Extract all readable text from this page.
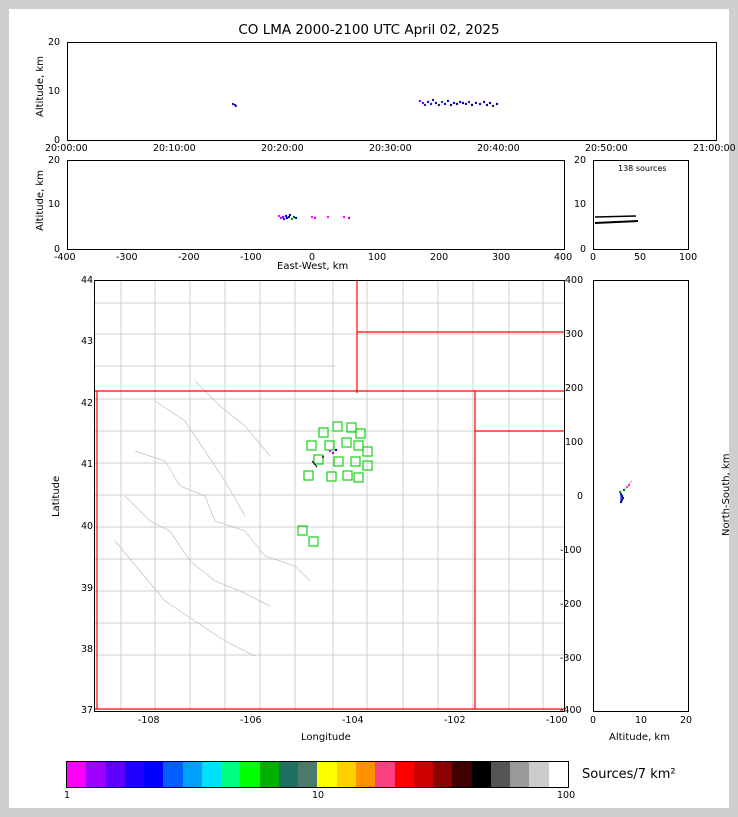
CO LMA 2000-2100 UTC April 02, 2025
Altitude, km
0
10
20
20:00:00	20:10:00	20:20:00	20:30:00	20:40:00	20:50:00	21:00:00
Altitude, km
0
10
20
-400	-300	-200	-100	0	100	200	300	400
East-West, km
138 sources
0
10
20
0	50	100
Latitude
37
38
39
40
41
42
43
44
-108	-106	-104	-102	-100
Longitude
North-South, km
400
300
200
100
0
-100
-200
-300
-400
0	10	20
Altitude, km
Sources/7 km²
1	10	100
